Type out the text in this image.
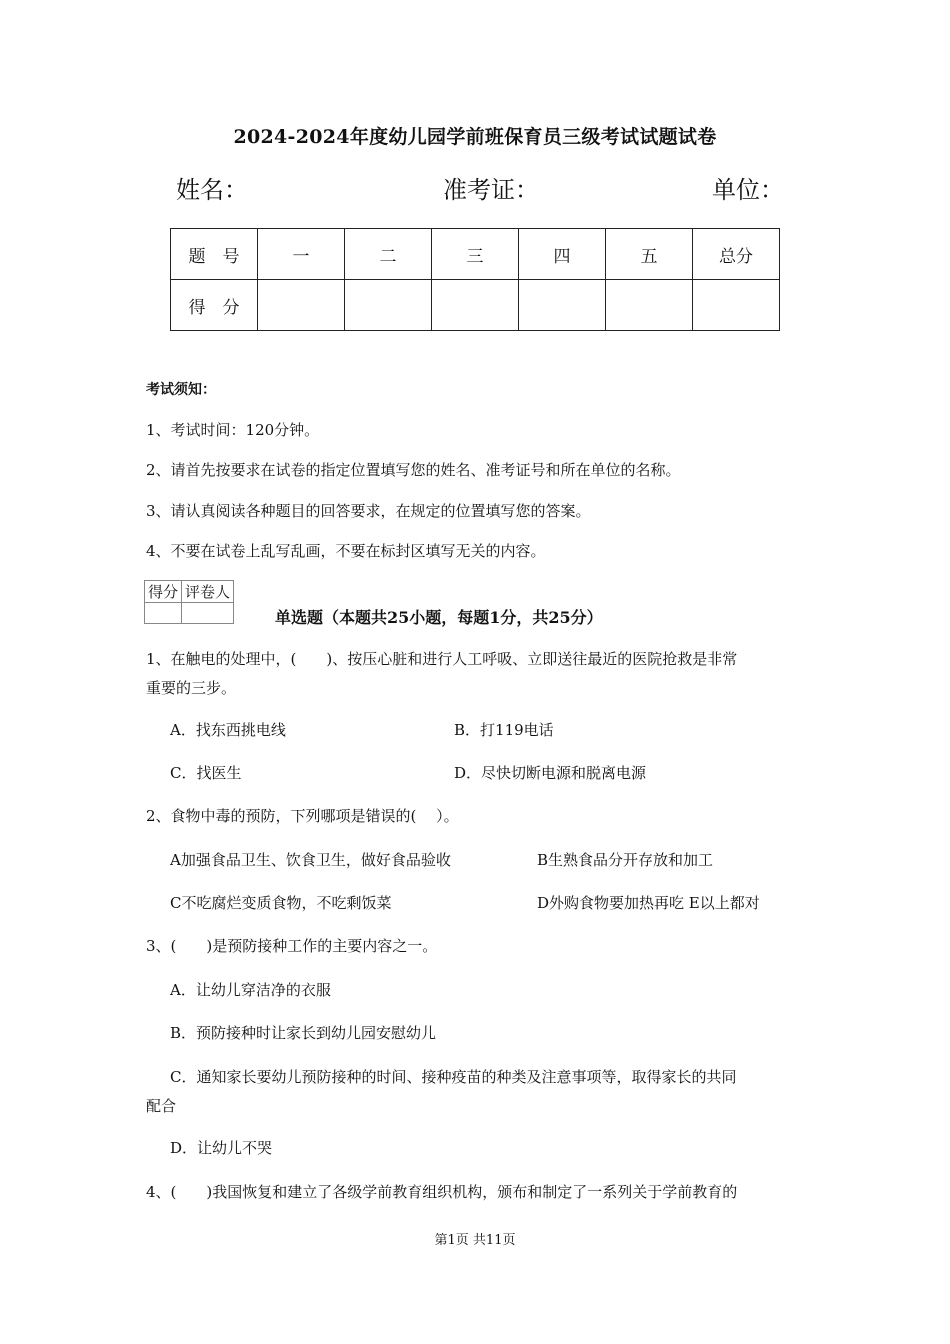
2024-2024年度幼儿园学前班保育员三级考试试题试卷
姓名：	准考证：	单位：
题　号	一	二	三	四	五	总分
得　分						
考试须知：
1、考试时间：120分钟。
2、请首先按要求在试卷的指定位置填写您的姓名、准考证号和所在单位的名称。
3、请认真阅读各种题目的回答要求，在规定的位置填写您的答案。
4、不要在试卷上乱写乱画，不要在标封区填写无关的内容。
得分	评卷人

单选题（本题共25小题，每题1分，共25分）
1、在触电的处理中，(　　)、按压心脏和进行人工呼吸、立即送往最近的医院抢救是非常
重要的三步。
A．找东西挑电线	B．打119电话
C．找医生	D．尽快切断电源和脱离电源
2、食物中毒的预防，下列哪项是错误的(　 ）。
A加强食品卫生、饮食卫生，做好食品验收	B生熟食品分开存放和加工
C不吃腐烂变质食物，不吃剩饭菜	D外购食物要加热再吃 E以上都对
3、(　　)是预防接种工作的主要内容之一。
A．让幼儿穿洁净的衣服
B．预防接种时让家长到幼儿园安慰幼儿
C．通知家长要幼儿预防接种的时间、接种疫苗的种类及注意事项等，取得家长的共同
配合
D．让幼儿不哭
4、(　　)我国恢复和建立了各级学前教育组织机构，颁布和制定了一系列关于学前教育的
第1页 共11页
